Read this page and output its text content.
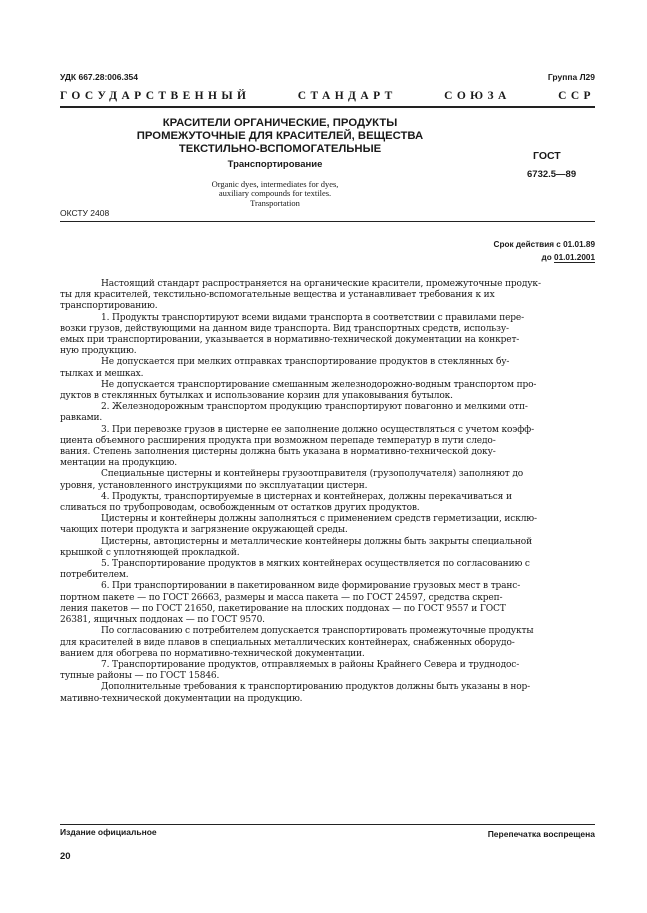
УДК 667.28:006.354	Группа Л29
ГОСУДАРСТВЕННЫЙ	СТАНДАРТ	СОЮЗА	ССР
КРАСИТЕЛИ ОРГАНИЧЕСКИЕ, ПРОДУКТЫ
ПРОМЕЖУТОЧНЫЕ ДЛЯ КРАСИТЕЛЕЙ, ВЕЩЕСТВА
ТЕКСТИЛЬНО-ВСПОМОГАТЕЛЬНЫЕ
Транспортирование
Organic dyes, intermediates for dyes,
auxiliary compounds for textiles.
Transportation
ГОСТ
6732.5—89
ОКСТУ 2408
Срок действия с 01.01.89
до 01.01.2001
Настоящий стандарт распространяется на органические красители, промежуточные продук-
ты для красителей, текстильно-вспомогательные вещества и устанавливает требования к их
транспортированию.
1. Продукты транспортируют всеми видами транспорта в соответствии с правилами пере-
возки грузов, действующими на данном виде транспорта. Вид транспортных средств, использу-
емых при транспортировании, указывается в нормативно-технической документации на конкрет-
ную продукцию.
Не допускается при мелких отправках транспортирование продуктов в стеклянных бу-
тылках и мешках.
Не допускается транспортирование смешанным железнодорожно-водным транспортом про-
дуктов в стеклянных бутылках и использование корзин для упаковывания бутылок.
2. Железнодорожным транспортом продукцию транспортируют повагонно и мелкими отп-
равками.
3. При перевозке грузов в цистерне ее заполнение должно осуществляться с учетом коэфф-
циента объемного расширения продукта при возможном перепаде температур в пути следо-
вания. Степень заполнения цистерны должна быть указана в нормативно-технической доку-
ментации на продукцию.
Специальные цистерны и контейнеры грузоотправителя (грузополучателя) заполняют до
уровня, установленного инструкциями по эксплуатации цистерн.
4. Продукты, транспортируемые в цистернах и контейнерах, должны перекачиваться и
сливаться по трубопроводам, освобожденным от остатков других продуктов.
Цистерны и контейнеры должны заполняться с применением средств герметизации, исклю-
чающих потери продукта и загрязнение окружающей среды.
Цистерны, автоцистерны и металлические контейнеры должны быть закрыты специальной
крышкой с уплотняющей прокладкой.
5. Транспортирование продуктов в мягких контейнерах осуществляется по согласованию с
потребителем.
6. При транспортировании в пакетированном виде формирование грузовых мест в транс-
портном пакете — по ГОСТ 26663, размеры и масса пакета — по ГОСТ 24597, средства скреп-
ления пакетов — по ГОСТ 21650, пакетирование на плоских поддонах — по ГОСТ 9557 и ГОСТ
26381, ящичных поддонах — по ГОСТ 9570.
По согласованию с потребителем допускается транспортировать промежуточные продукты
для красителей в виде плавов в специальных металлических контейнерах, снабженных оборудо-
ванием для обогрева по нормативно-технической документации.
7. Транспортирование продуктов, отправляемых в районы Крайнего Севера и труднодос-
тупные районы — по ГОСТ 15846.
Дополнительные требования к транспортированию продуктов должны быть указаны в нор-
мативно-технической документации на продукцию.
Издание официальное	Перепечатка воспрещена
20
